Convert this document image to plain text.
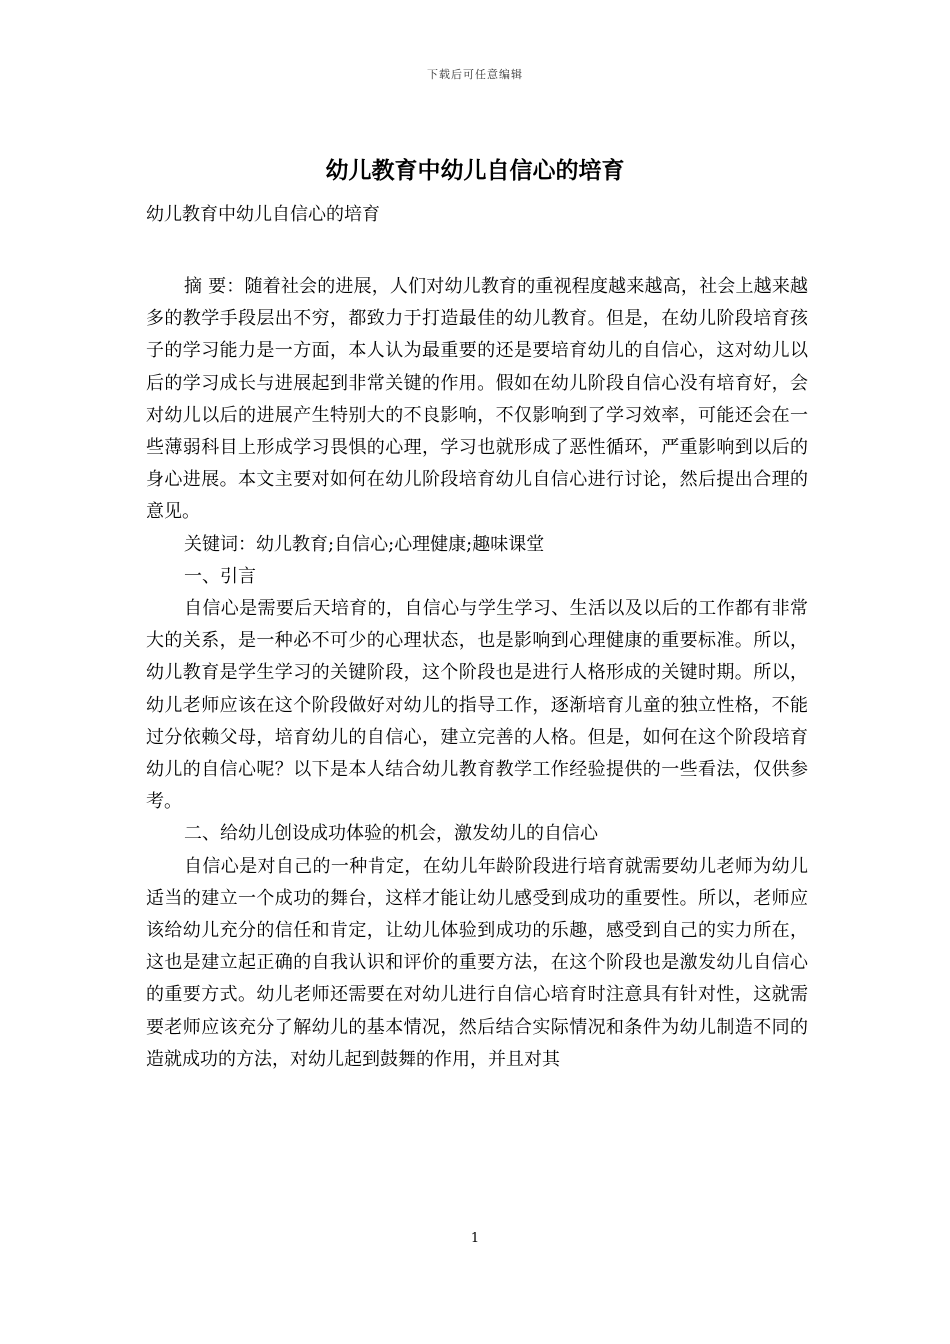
下载后可任意编辑
幼儿教育中幼儿自信心的培育
幼儿教育中幼儿自信心的培育

摘 要：随着社会的进展，人们对幼儿教育的重视程度越来越高，社会上越来越多的教学手段层出不穷，都致力于打造最佳的幼儿教育。但是，在幼儿阶段培育孩子的学习能力是一方面，本人认为最重要的还是要培育幼儿的自信心，这对幼儿以后的学习成长与进展起到非常关键的作用。假如在幼儿阶段自信心没有培育好，会对幼儿以后的进展产生特别大的不良影响，不仅影响到了学习效率，可能还会在一些薄弱科目上形成学习畏惧的心理，学习也就形成了恶性循环，严重影响到以后的身心进展。本文主要对如何在幼儿阶段培育幼儿自信心进行讨论，然后提出合理的意见。

关键词：幼儿教育;自信心;心理健康;趣味课堂

一、引言

自信心是需要后天培育的，自信心与学生学习、生活以及以后的工作都有非常大的关系，是一种必不可少的心理状态，也是影响到心理健康的重要标准。所以，幼儿教育是学生学习的关键阶段，这个阶段也是进行人格形成的关键时期。所以，幼儿老师应该在这个阶段做好对幼儿的指导工作，逐渐培育儿童的独立性格，不能过分依赖父母，培育幼儿的自信心，建立完善的人格。但是，如何在这个阶段培育幼儿的自信心呢？以下是本人结合幼儿教育教学工作经验提供的一些看法，仅供参考。

二、给幼儿创设成功体验的机会，激发幼儿的自信心

自信心是对自己的一种肯定，在幼儿年龄阶段进行培育就需要幼儿老师为幼儿适当的建立一个成功的舞台，这样才能让幼儿感受到成功的重要性。所以，老师应该给幼儿充分的信任和肯定，让幼儿体验到成功的乐趣，感受到自己的实力所在，这也是建立起正确的自我认识和评价的重要方法，在这个阶段也是激发幼儿自信心的重要方式。幼儿老师还需要在对幼儿进行自信心培育时注意具有针对性，这就需要老师应该充分了解幼儿的基本情况，然后结合实际情况和条件为幼儿制造不同的造就成功的方法，对幼儿起到鼓舞的作用，并且对其

1
